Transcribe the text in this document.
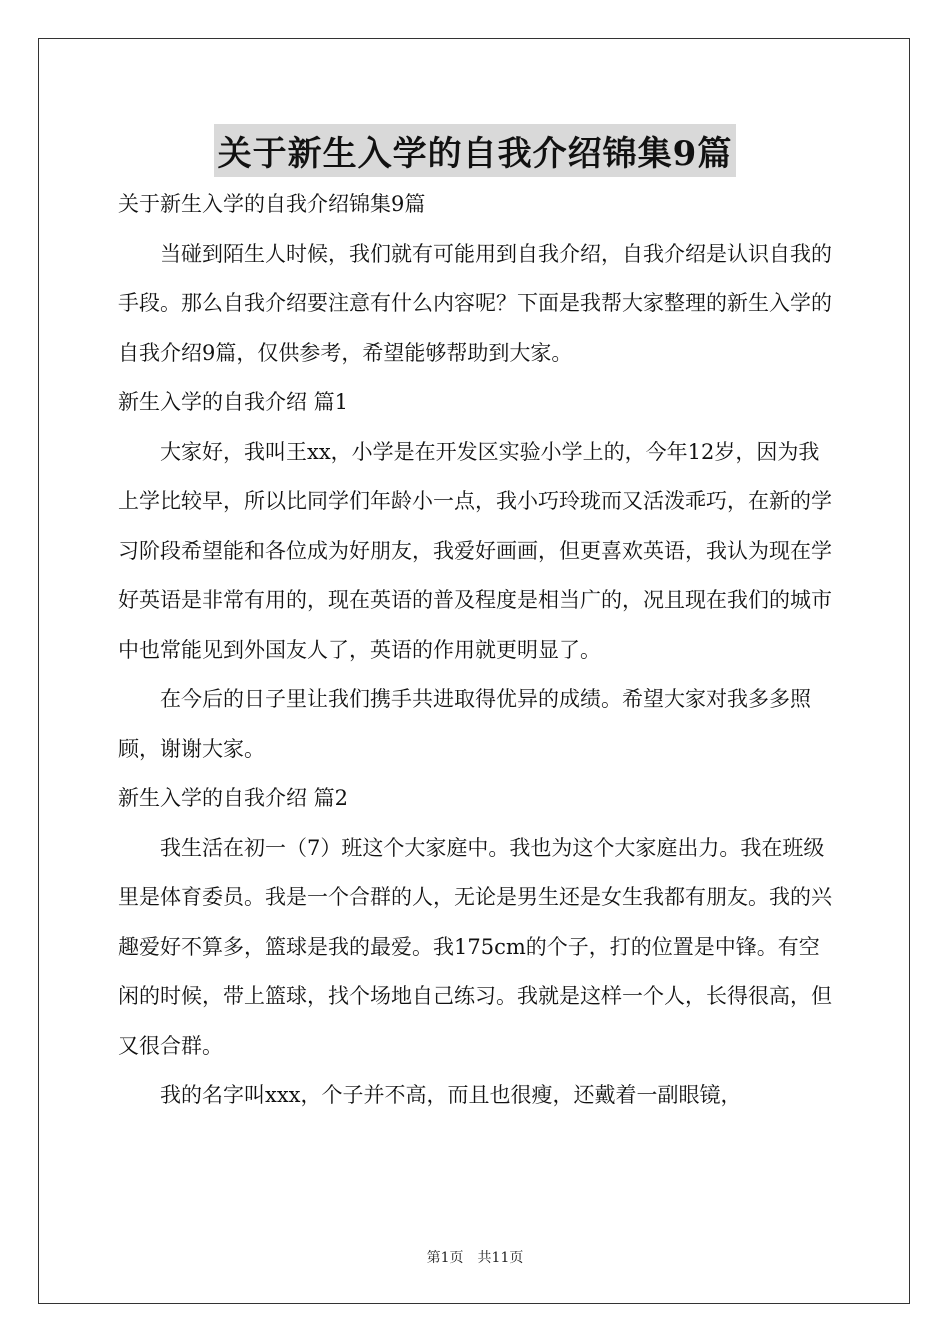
关于新生入学的自我介绍锦集9篇

关于新生入学的自我介绍锦集9篇

当碰到陌生人时候，我们就有可能用到自我介绍，自我介绍是认识自我的手段。那么自我介绍要注意有什么内容呢？下面是我帮大家整理的新生入学的自我介绍9篇，仅供参考，希望能够帮助到大家。

新生入学的自我介绍 篇1

大家好，我叫王xx，小学是在开发区实验小学上的，今年12岁，因为我上学比较早，所以比同学们年龄小一点，我小巧玲珑而又活泼乖巧，在新的学习阶段希望能和各位成为好朋友，我爱好画画，但更喜欢英语，我认为现在学好英语是非常有用的，现在英语的普及程度是相当广的，况且现在我们的城市中也常能见到外国友人了，英语的作用就更明显了。

在今后的日子里让我们携手共进取得优异的成绩。希望大家对我多多照顾，谢谢大家。

新生入学的自我介绍 篇2

我生活在初一（7）班这个大家庭中。我也为这个大家庭出力。我在班级里是体育委员。我是一个合群的人，无论是男生还是女生我都有朋友。我的兴趣爱好不算多，篮球是我的最爱。我175cm的个子，打的位置是中锋。有空闲的时候，带上篮球，找个场地自己练习。我就是这样一个人，长得很高，但又很合群。

我的名字叫xxx，个子并不高，而且也很瘦，还戴着一副眼镜，

第1页　共11页
